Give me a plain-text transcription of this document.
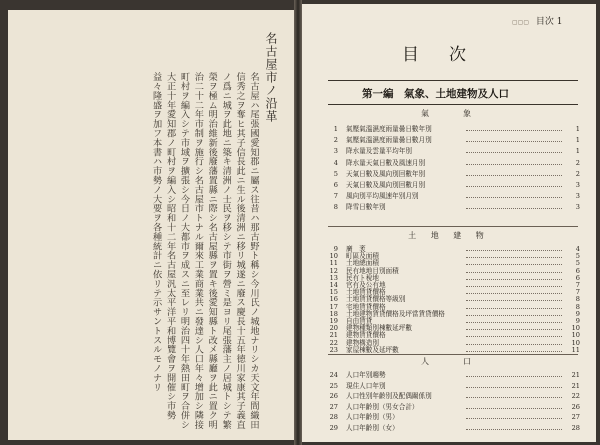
名古屋市ノ沿革
名古屋ハ尾張國愛知郡ニ屬ス往昔ハ那古野ト稱シ今川氏ノ城地ナリシカ天文年間織田信秀之ヲ奪ヒ其子信長此ニ生ル後清洲ニ移リ城遂ニ廢ス慶長十五年徳川家康其子義直ノ爲ニ城ヲ此地ニ築キ清洲ノ士民ヲ移シテ市街ヲ營ミ是ヨリ尾張藩主ノ居城トシテ繁榮ヲ極ム明治維新後廢藩置縣ニ際シ名古屋縣ヲ置キ後愛知縣ト改メ縣廳ヲ此ニ置ク明治二十二年市制ヲ施行シ名古屋市トナル爾來工業商業共ニ發達シ人口年々增加シ隣接町村ヲ編入シテ市域ヲ擴張シ今日ノ大都市ヲ成スニ至レリ明治四十年熱田町ヲ合併シ大正十年愛知郡ノ町村ヲ編入シ昭和十二年名古屋汎太平洋平和博覽會ヲ開催シ市勢益々隆盛ヲ加フ本書ハ市勢ノ大要ヲ各種統計ニ依リテ示サントスルモノナリ
▢▢▢ 目次 1
目次
第一編　氣象、土地建物及人口
氣　　象
1 氣壓氣溫濕度雨量曇日數年別	1
2 氣壓氣溫濕度雨量曇日數月別	1
3 降水量及雲量平均年別	1
4 降水量天氣日數及風速月別	2
5 天氣日數及風向別回數年別	2
6 天氣日數及風向別回數月別	3
7 風向別平均風速年別月別	3
8 降雪日數年別	3
土 地 建 物
9 廣　袤	4
10 町區及面積	5
11 土地總面積	5
12 民有地地目別面積	6
13 民有ト稅地	6
14 官有及公有地	7
15 土地賃貸價格	7
16 土地賃貸價格等級別	8
17 宅地賃貸價格	8
18 土地建物賃貸價格及坪當賃貸價格	9
19 自由賃貸	9
20 建物種類別棟數延坪數	10
21 建物賃貸價格	10
22 建物構造別	10
23 家屋棟數及延坪數	11
人　　口
24 人口年別趨勢	21
25 現住人口年別	21
26 人口性別年齡別及配偶關係別	22
27 人口年齡別（男女合計）	26
28 人口年齡別（男）	27
29 人口年齡別（女）	28
